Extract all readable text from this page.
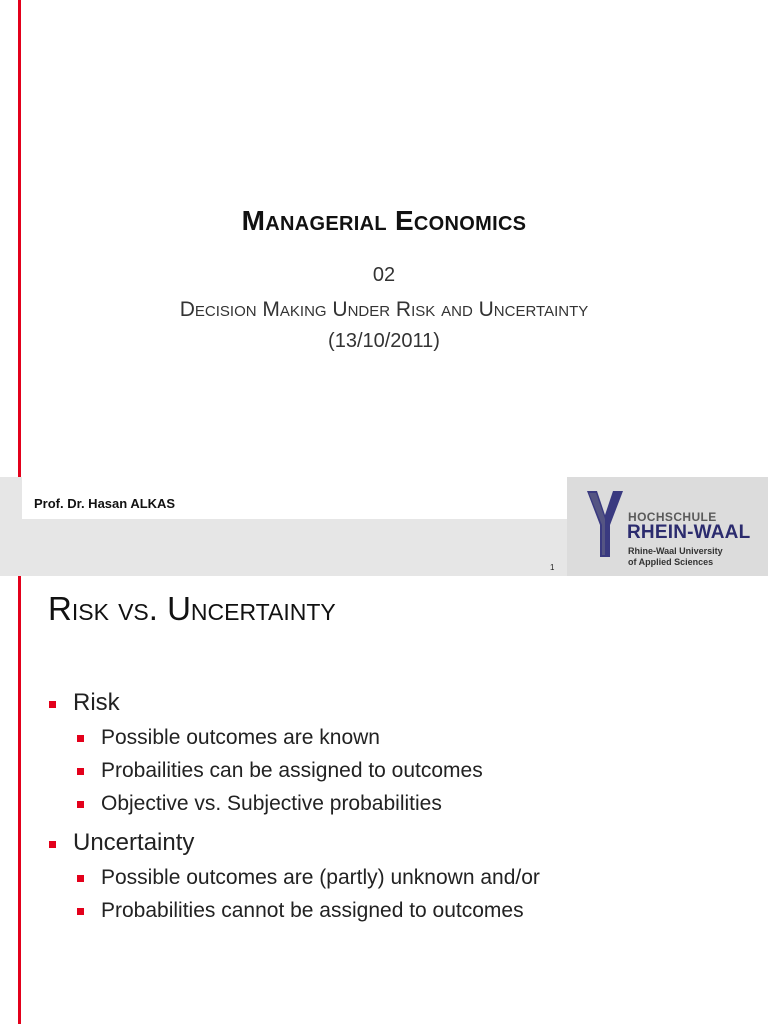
Managerial Economics
02
Decision Making Under Risk and Uncertainty
(13/10/2011)
Prof. Dr. Hasan ALKAS
1
HOCHSCHULE
RHEIN-WAAL
Rhine-Waal University
of Applied Sciences
Risk vs. Uncertainty
Risk
Possible outcomes are known
Probailities can be assigned to outcomes
Objective vs. Subjective probabilities
Uncertainty
Possible outcomes are (partly) unknown and/or
Probabilities cannot be assigned to outcomes
